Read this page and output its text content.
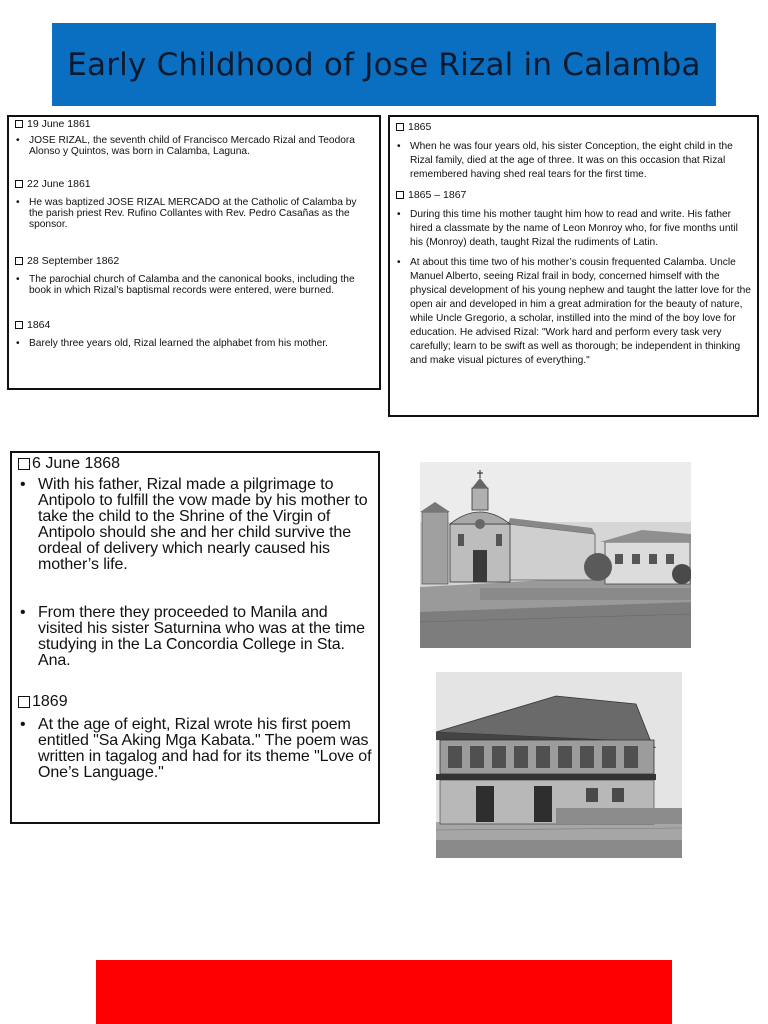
Early Childhood of Jose Rizal in Calamba
19 June 1861
• JOSE RIZAL, the seventh child of Francisco Mercado Rizal and Teodora Alonso y Quintos, was born in Calamba, Laguna.
22 June 1861
• He was baptized JOSE RIZAL MERCADO at the Catholic of Calamba by the parish priest Rev. Rufino Collantes with Rev. Pedro Casañas as the sponsor.
28 September 1862
• The parochial church of Calamba and the canonical books, including the book in which Rizal’s baptismal records were entered, were burned.
1864
• Barely three years old, Rizal learned the alphabet from his mother.
1865
• When he was four years old, his sister Conception, the eight child in the Rizal family, died at the age of three. It was on this occasion that Rizal remembered having shed real tears for the first time.
1865 – 1867
• During this time his mother taught him how to read and write. His father hired a classmate by the name of Leon Monroy who, for five months until his (Monroy) death, taught Rizal the rudiments of Latin.
• At about this time two of his mother’s cousin frequented Calamba. Uncle Manuel Alberto, seeing Rizal frail in body, concerned himself with the physical development of his young nephew and taught the latter love for the open air and developed in him a great admiration for the beauty of nature, while Uncle Gregorio, a scholar, instilled into the mind of the boy love for education. He advised Rizal: "Work hard and perform every task very carefully; learn to be swift as well as thorough; be independent in thinking and make visual pictures of everything."
6 June 1868
• With his father, Rizal made a pilgrimage to Antipolo to fulfill the vow made by his mother to take the child to the Shrine of the Virgin of Antipolo should she and her child survive the ordeal of delivery which nearly caused his mother’s life.
• From there they proceeded to Manila and visited his sister Saturnina who was at the time studying in the La Concordia College in Sta. Ana.
1869
• At the age of eight, Rizal wrote his first poem entitled "Sa Aking Mga Kabata." The poem was written in tagalog and had for its theme "Love of One’s Language."
